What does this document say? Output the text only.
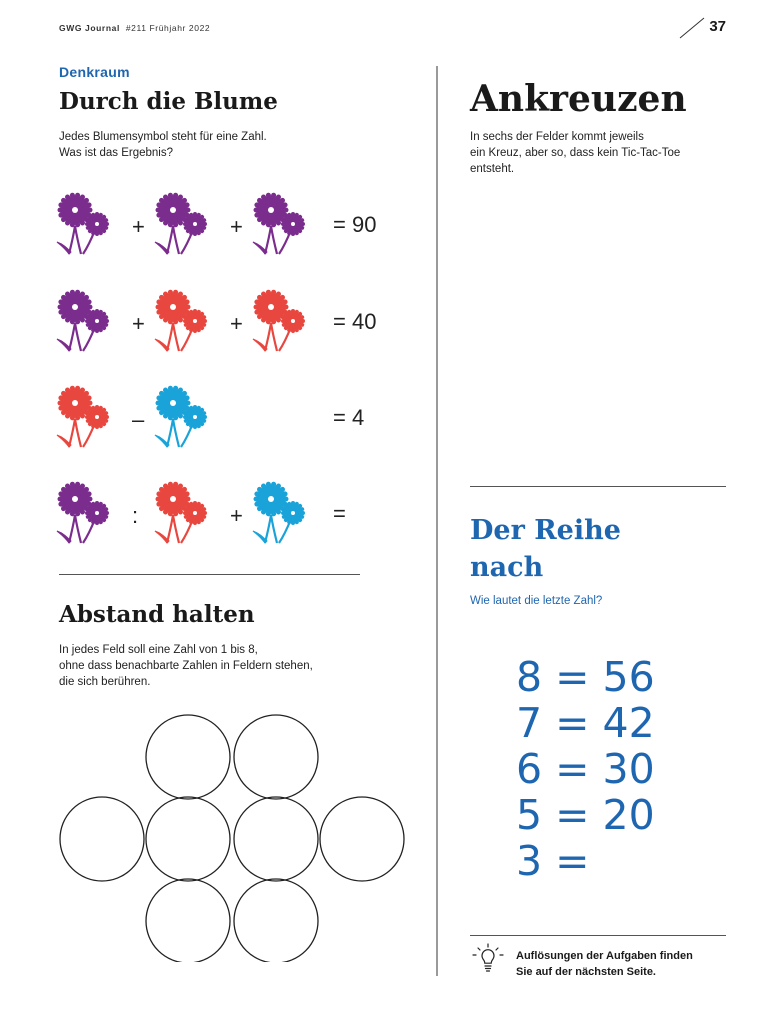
GWG Journal #211 Frühjahr 2022	37
Denkraum
Durch die Blume
Jedes Blumensymbol steht für eine Zahl.
Was ist das Ergebnis?
+	+	= 90
+	+	= 40
–	= 4
:	+	=
Abstand halten
In jedes Feld soll eine Zahl von 1 bis 8,
ohne dass benachbarte Zahlen in Feldern stehen,
die sich berühren.
Ankreuzen
In sechs der Felder kommt jeweils
ein Kreuz, aber so, dass kein Tic-Tac-Toe
entsteht.
Der Reihe
nach
Wie lautet die letzte Zahl?
8 = 56
7 = 42
6 = 30
5 = 20
3 =
Auflösungen der Aufgaben finden
Sie auf der nächsten Seite.
